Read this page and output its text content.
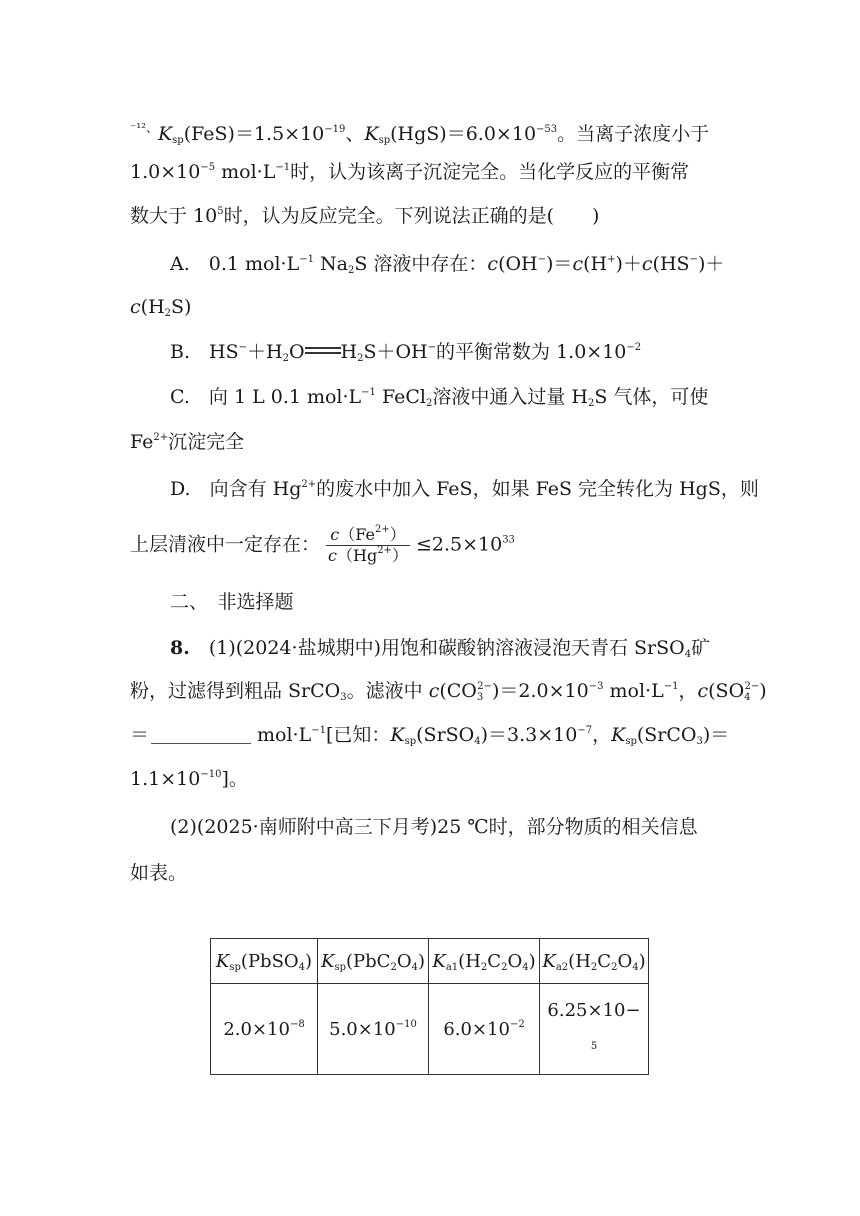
$^{^{-12}、}K_{sp}(FeS)=1.5\times 10^{-19}$、$K_{sp}(HgS)=6.0\times 10^{-53}$。当离子浓度小于
$1.0\times 10^{-5}$ $mol\cdot L^{-1}$时，认为该离子沉淀完全。当化学反应的平衡常
数大于 $10^5$时，认为反应完全。下列说法正确的是(　　)
A.　0.1 $mol\cdot L^{-1}$ $Na_2S$ 溶液中存在：c(OH−)＝c(H+)＋c(HS−)＋
$c(H_2S)$
B.　$HS^-+H_2O$ $H_2S+OH^-$的平衡常数为 $1.0\times 10^{-2}$
C.　向 1 L 0.1 $mol\cdot L^{-1}$ FeCl$_2$溶液中通入过量 $H_2S$ 气体，可使
$Fe^{2+}$沉淀完全
D.　向含有 $Hg^{2+}$的废水中加入 FeS，如果 FeS 完全转化为 HgS，则
上层清液中一定存在： $\frac{c(Fe^{2+})}{c(Hg^{2+})} \le 2.5\times 10^{33}$
二、　非选择题
8.　(1)(2024·盐城期中)用饱和碳酸钠溶液浸泡天青石 SrSO$_4$矿
粉，过滤得到粗品 SrCO$_3$。滤液中 $c(CO_3^{2-})=2.0\times 10^{-3}$ $mol\cdot L^{-1}$，$c(SO_4^{2-})$
＝	$mol\cdot L^{-1}$[已知：$K_{sp}(SrSO_4)=3.3\times 10^{-7}$，$K_{sp}(SrCO_3)=$
$1.1\times 10^{-10}$]。
(2)(2025·南师附中高三下月考)25 ℃时，部分物质的相关信息
如表。
$K_{sp}(PbSO_4)$	$K_{sp}(PbC_2O_4)$	$K_{a1}(H_2C_2O_4)$	$K_{a2}(H_2C_2O_4)$
$2.0\times 10^{-8}$	$5.0\times 10^{-10}$	$6.0\times 10^{-2}$	6.25×10−
5
